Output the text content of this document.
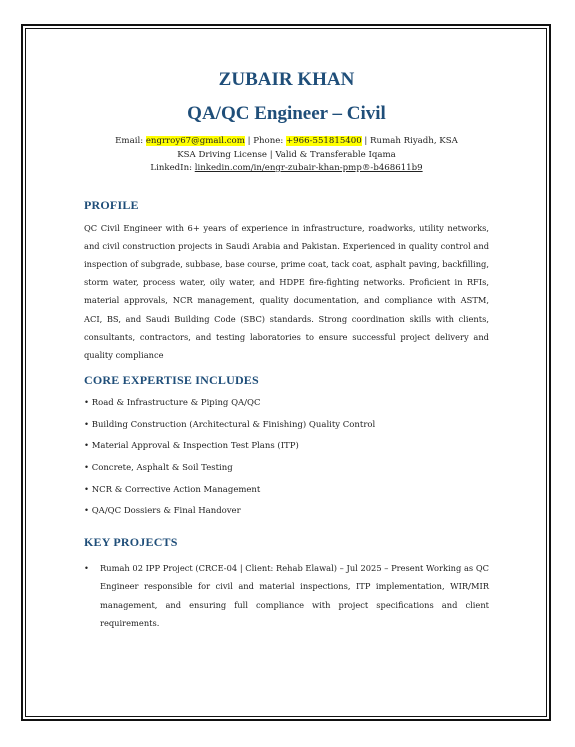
ZUBAIR KHAN
QA/QC Engineer – Civil
Email: engrroy67@gmail.com | Phone: +966-551815400 | Rumah Riyadh, KSA
KSA Driving License | Valid & Transferable Iqama
LinkedIn: linkedin.com/in/engr-zubair-khan-pmp®-b468611b9
PROFILE

QC Civil Engineer with 6+ years of experience in infrastructure, roadworks, utility networks, and civil construction projects in Saudi Arabia and Pakistan. Experienced in quality control and inspection of subgrade, subbase, base course, prime coat, tack coat, asphalt paving, backfilling, storm water, process water, oily water, and HDPE fire-fighting networks. Proficient in RFIs, material approvals, NCR management, quality documentation, and compliance with ASTM, ACI, BS, and Saudi Building Code (SBC) standards. Strong coordination skills with clients, consultants, contractors, and testing laboratories to ensure successful project delivery and quality compliance

CORE EXPERTISE INCLUDES
• Road & Infrastructure & Piping QA/QC
• Building Construction (Architectural & Finishing) Quality Control
• Material Approval & Inspection Test Plans (ITP)
• Concrete, Asphalt & Soil Testing
• NCR & Corrective Action Management
• QA/QC Dossiers & Final Handover
KEY PROJECTS
• Rumah 02 IPP Project (CRCE-04 | Client: Rehab Elawal) – Jul 2025 – Present Working as QC Engineer responsible for civil and material inspections, ITP implementation, WIR/MIR management, and ensuring full compliance with project specifications and client requirements.
